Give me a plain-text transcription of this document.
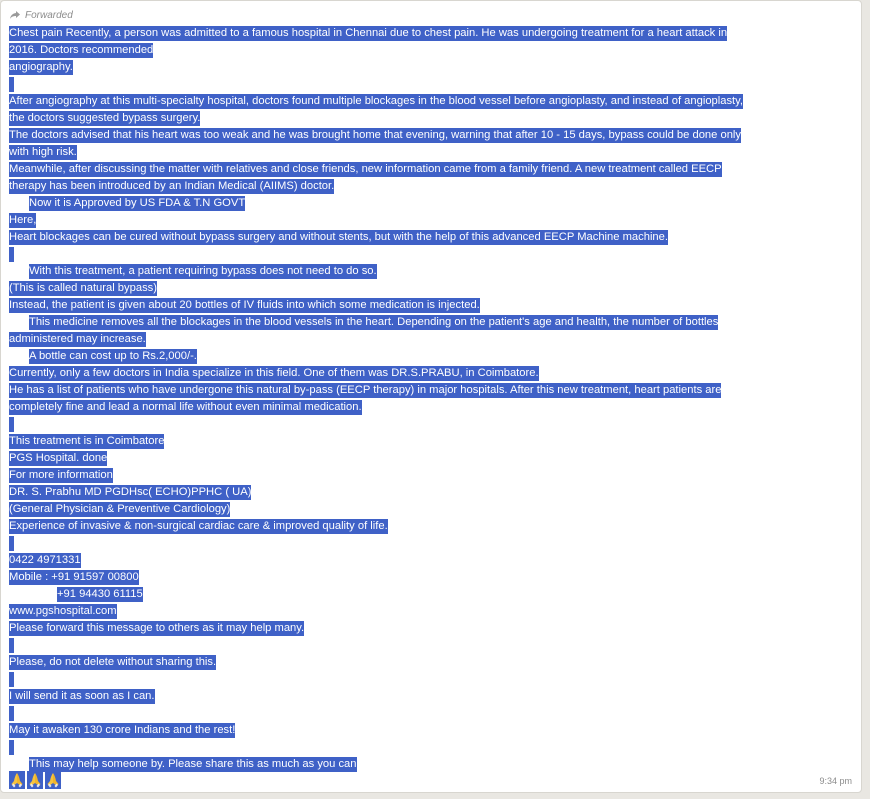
Forwarded
Chest pain Recently, a person was admitted to a famous hospital in Chennai due to chest pain. He was undergoing treatment for a heart attack in
2016. Doctors recommended
angiography.

After angiography at this multi-specialty hospital, doctors found multiple blockages in the blood vessel before angioplasty, and instead of angioplasty,
the doctors suggested bypass surgery.
The doctors advised that his heart was too weak and he was brought home that evening, warning that after 10 - 15 days, bypass could be done only
with high risk.
Meanwhile, after discussing the matter with relatives and close friends, new information came from a family friend. A new treatment called EECP
therapy has been introduced by an Indian Medical (AIIMS) doctor.
Now it is Approved by US FDA & T.N GOVT
Here,
Heart blockages can be cured without bypass surgery and without stents, but with the help of this advanced EECP Machine machine.

With this treatment, a patient requiring bypass does not need to do so.
(This is called natural bypass)
Instead, the patient is given about 20 bottles of IV fluids into which some medication is injected.
This medicine removes all the blockages in the blood vessels in the heart. Depending on the patient's age and health, the number of bottles
administered may increase.
A bottle can cost up to Rs.2,000/-.
Currently, only a few doctors in India specialize in this field. One of them was DR.S.PRABU, in Coimbatore.
He has a list of patients who have undergone this natural by-pass (EECP therapy) in major hospitals. After this new treatment, heart patients are
completely fine and lead a normal life without even minimal medication.

This treatment is in Coimbatore
PGS Hospital. done
For more information
DR. S. Prabhu MD PGDHsc( ECHO)PPHC ( UA)
(General Physician & Preventive Cardiology)
Experience of invasive & non-surgical cardiac care & improved quality of life.

0422 4971331
Mobile : +91 91597 00800
+91 94430 61115
www.pgshospital.com
Please forward this message to others as it may help many.

Please, do not delete without sharing this.

I will send it as soon as I can.

May it awaken 130 crore Indians and the rest!

This may help someone by. Please share this as much as you can
9:34 pm
